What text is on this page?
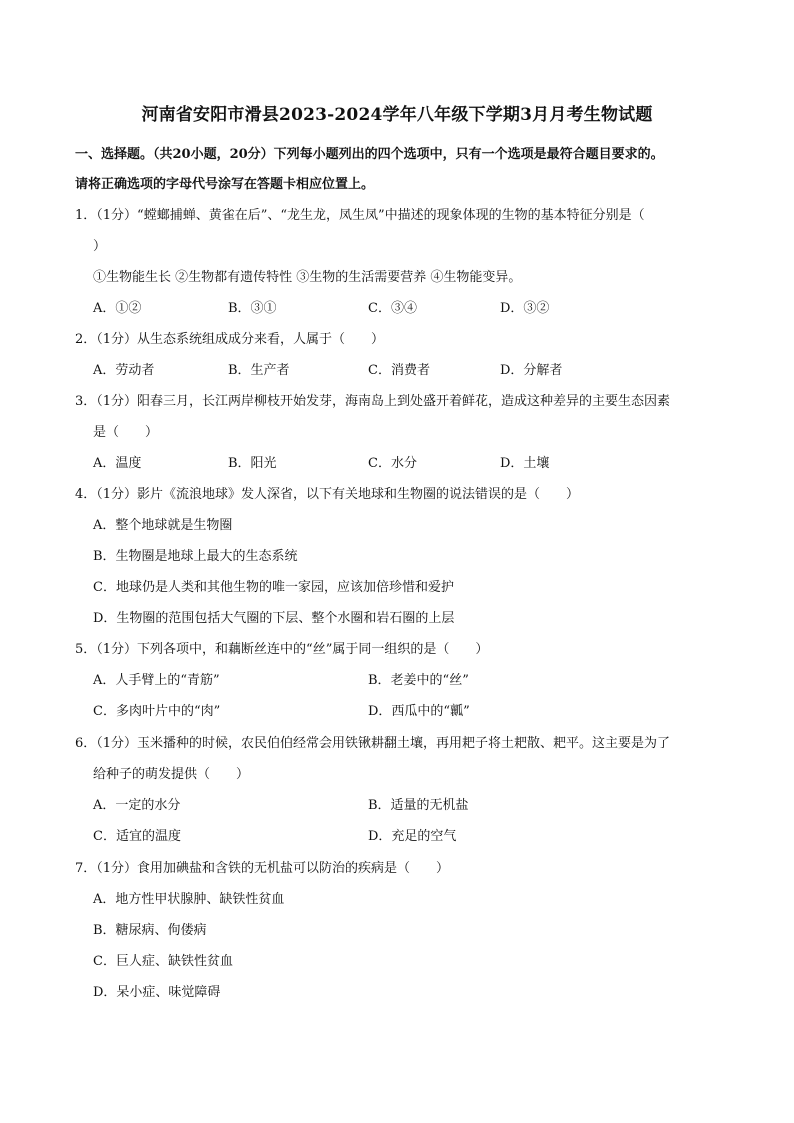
河南省安阳市滑县2023-2024学年八年级下学期3月月考生物试题
一、选择题。（共20小题，20分）下列每小题列出的四个选项中，只有一个选项是最符合题目要求的。
请将正确选项的字母代号涂写在答题卡相应位置上。
1．（1分）“螳螂捕蝉、黄雀在后”、“龙生龙，凤生凤”中描述的现象体现的生物的基本特征分别是（
）
①生物能生长 ②生物都有遗传特性 ③生物的生活需要营养 ④生物能变异。
A．①②	B．③①	C．③④	D．③②
2．（1分）从生态系统组成成分来看，人属于（　　）
A．劳动者	B．生产者	C．消费者	D．分解者
3．（1分）阳春三月，长江两岸柳枝开始发芽，海南岛上到处盛开着鲜花，造成这种差异的主要生态因素
是（　　）
A．温度	B．阳光	C．水分	D．土壤
4．（1分）影片《流浪地球》发人深省，以下有关地球和生物圈的说法错误的是（　　）
A．整个地球就是生物圈
B．生物圈是地球上最大的生态系统
C．地球仍是人类和其他生物的唯一家园，应该加倍珍惜和爱护
D．生物圈的范围包括大气圈的下层、整个水圈和岩石圈的上层
5．（1分）下列各项中，和藕断丝连中的“丝”属于同一组织的是（　　）
A．人手臂上的“青筋”	B．老姜中的“丝”
C．多肉叶片中的“肉”	D．西瓜中的“瓤”
6．（1分）玉米播种的时候，农民伯伯经常会用铁锹耕翻土壤，再用耙子将土耙散、耙平。这主要是为了
给种子的萌发提供（　　）
A．一定的水分	B．适量的无机盐
C．适宜的温度	D．充足的空气
7．（1分）食用加碘盐和含铁的无机盐可以防治的疾病是（　　）
A．地方性甲状腺肿、缺铁性贫血
B．糖尿病、佝偻病
C．巨人症、缺铁性贫血
D．呆小症、味觉障碍
